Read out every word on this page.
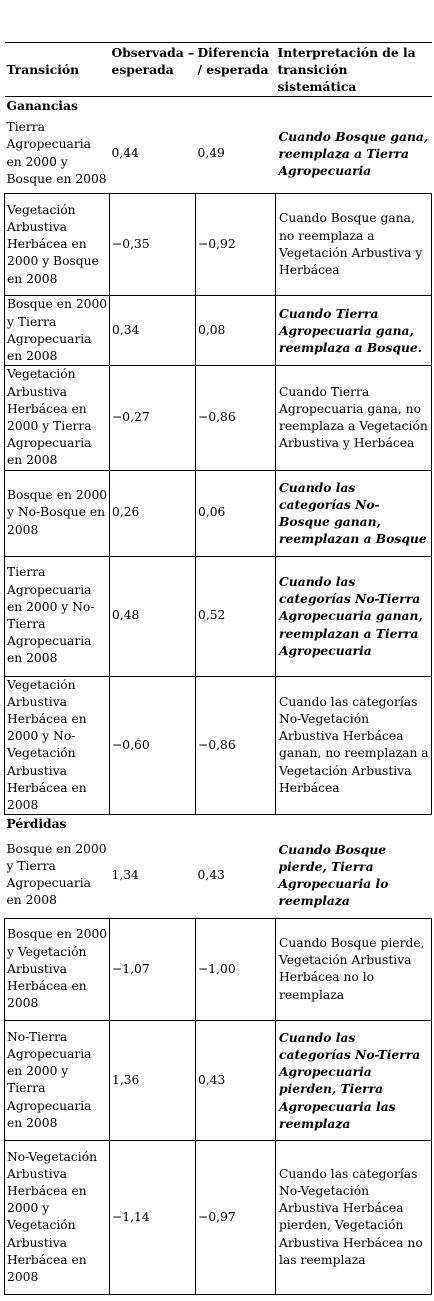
Transición	Observada – esperada	Diferencia / esperada	Interpretación de la transición sistemática
Ganancias			
Tierra Agropecuaria en 2000 y Bosque en 2008	0,44	0,49	Cuando Bosque gana, reemplaza a Tierra Agropecuaria
Vegetación Arbustiva Herbácea en 2000 y Bosque en 2008	−0,35	−0,92	Cuando Bosque gana, no reemplaza a Vegetación Arbustiva y Herbácea
Bosque en 2000 y Tierra Agropecuaria en 2008	0,34	0,08	Cuando Tierra Agropecuaria gana, reemplaza a Bosque.
Vegetación Arbustiva Herbácea en 2000 y Tierra Agropecuaria en 2008	−0,27	−0,86	Cuando Tierra Agropecuaria gana, no reemplaza a Vegetación Arbustiva y Herbácea
Bosque en 2000 y No-Bosque en 2008	0,26	0,06	Cuando las categorías No-Bosque ganan, reemplazan a Bosque
Tierra Agropecuaria en 2000 y No-Tierra Agropecuaria en 2008	0,48	0,52	Cuando las categorías No-Tierra Agropecuaria ganan, reemplazan a Tierra Agropecuaria
Vegetación Arbustiva Herbácea en 2000 y No-Vegetación Arbustiva Herbácea en 2008	−0,60	−0,86	Cuando las categorías No-Vegetación Arbustiva Herbácea ganan, no reemplazan a Vegetación Arbustiva Herbácea
Pérdidas			
Bosque en 2000 y Tierra Agropecuaria en 2008	1,34	0,43	Cuando Bosque pierde, Tierra Agropecuaria lo reemplaza
Bosque en 2000 y Vegetación Arbustiva Herbácea en 2008	−1,07	−1,00	Cuando Bosque pierde, Vegetación Arbustiva Herbácea no lo reemplaza
No-Tierra Agropecuaria en 2000 y Tierra Agropecuaria en 2008	1,36	0,43	Cuando las categorías No-Tierra Agropecuaria pierden, Tierra Agropecuaria las reemplaza
No-Vegetación Arbustiva Herbácea en 2000 y Vegetación Arbustiva Herbácea en 2008	−1,14	−0,97	Cuando las categorías No-Vegetación Arbustiva Herbácea pierden, Vegetación Arbustiva Herbácea no las reemplaza
